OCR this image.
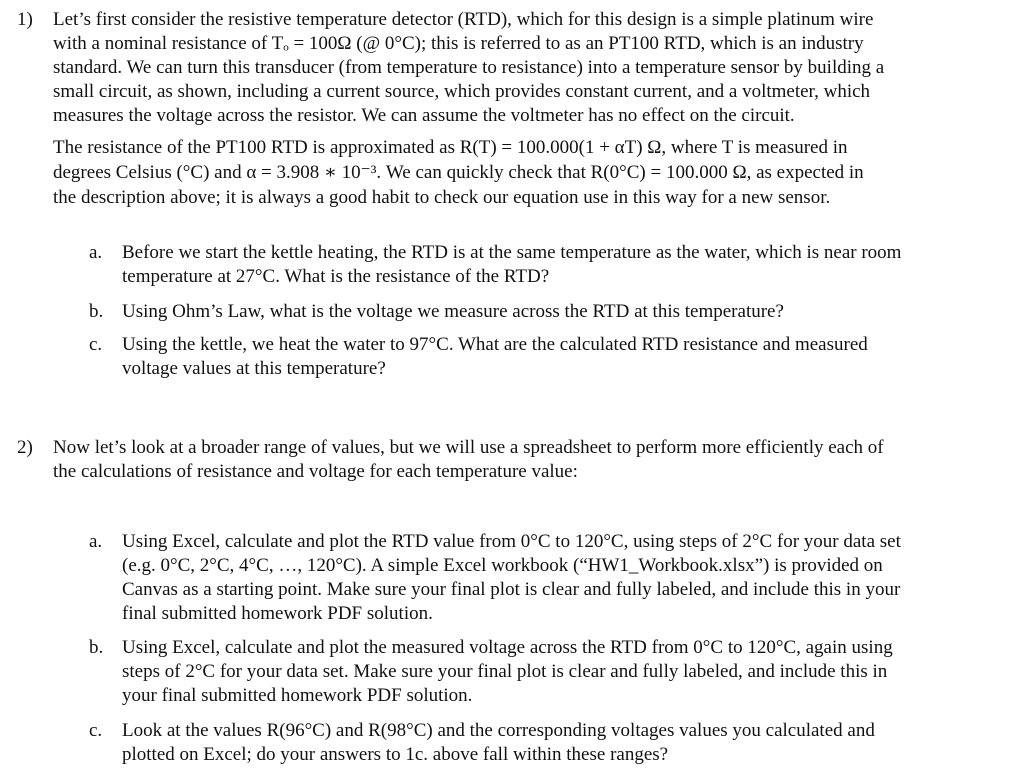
1) Let’s first consider the resistive temperature detector (RTD), which for this design is a simple platinum wire
with a nominal resistance of Tₒ = 100Ω (@ 0°C); this is referred to as an PT100 RTD, which is an industry
standard. We can turn this transducer (from temperature to resistance) into a temperature sensor by building a
small circuit, as shown, including a current source, which provides constant current, and a voltmeter, which
measures the voltage across the resistor. We can assume the voltmeter has no effect on the circuit.
The resistance of the PT100 RTD is approximated as R(T) = 100.000(1 + αT) Ω, where T is measured in
degrees Celsius (°C) and α = 3.908 ∗ 10⁻³. We can quickly check that R(0°C) = 100.000 Ω, as expected in
the description above; it is always a good habit to check our equation use in this way for a new sensor.
a. Before we start the kettle heating, the RTD is at the same temperature as the water, which is near room
temperature at 27°C. What is the resistance of the RTD?
b. Using Ohm’s Law, what is the voltage we measure across the RTD at this temperature?
c. Using the kettle, we heat the water to 97°C. What are the calculated RTD resistance and measured
voltage values at this temperature?
2) Now let’s look at a broader range of values, but we will use a spreadsheet to perform more efficiently each of
the calculations of resistance and voltage for each temperature value:
a. Using Excel, calculate and plot the RTD value from 0°C to 120°C, using steps of 2°C for your data set
(e.g. 0°C, 2°C, 4°C, …, 120°C). A simple Excel workbook (“HW1_Workbook.xlsx”) is provided on
Canvas as a starting point. Make sure your final plot is clear and fully labeled, and include this in your
final submitted homework PDF solution.
b. Using Excel, calculate and plot the measured voltage across the RTD from 0°C to 120°C, again using
steps of 2°C for your data set. Make sure your final plot is clear and fully labeled, and include this in
your final submitted homework PDF solution.
c. Look at the values R(96°C) and R(98°C) and the corresponding voltages values you calculated and
plotted on Excel; do your answers to 1c. above fall within these ranges?
